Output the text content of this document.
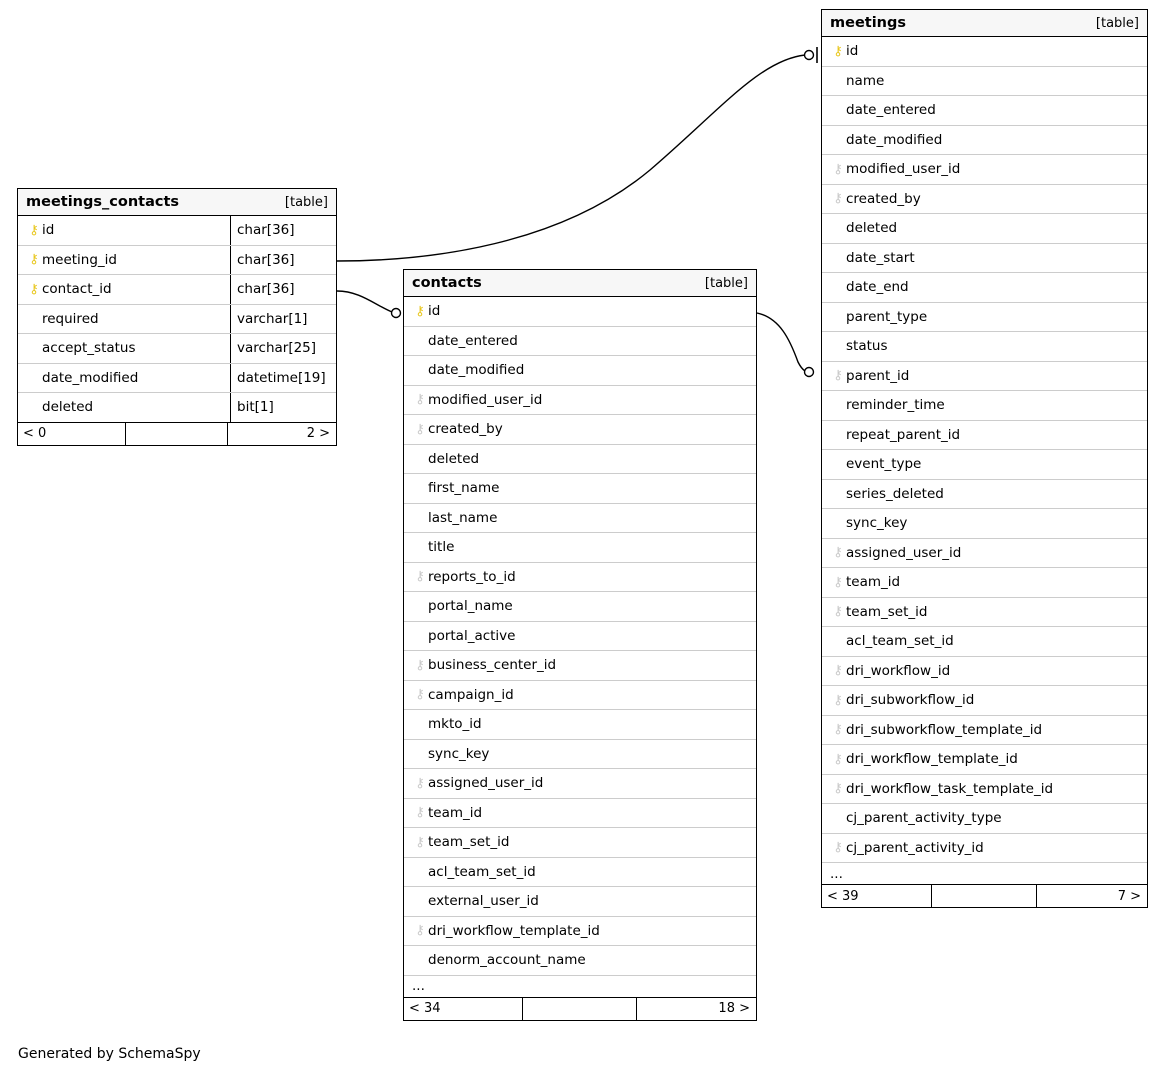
meetings_contacts	[table]
⚷ id	char[36]
⚷ meeting_id	char[36]
⚷ contact_id	char[36]
required	varchar[1]
accept_status	varchar[25]
date_modified	datetime[19]
deleted	bit[1]
< 0	2 >
contacts	[table]
⚷ id
date_entered
date_modified
⚷ modified_user_id
⚷ created_by
deleted
first_name
last_name
title
⚷ reports_to_id
portal_name
portal_active
⚷ business_center_id
⚷ campaign_id
mkto_id
sync_key
⚷ assigned_user_id
⚷ team_id
⚷ team_set_id
acl_team_set_id
external_user_id
⚷ dri_workflow_template_id
denorm_account_name
...
< 34	18 >
meetings	[table]
⚷ id
name
date_entered
date_modified
⚷ modified_user_id
⚷ created_by
deleted
date_start
date_end
parent_type
status
⚷ parent_id
reminder_time
repeat_parent_id
event_type
series_deleted
sync_key
⚷ assigned_user_id
⚷ team_id
⚷ team_set_id
acl_team_set_id
⚷ dri_workflow_id
⚷ dri_subworkflow_id
⚷ dri_subworkflow_template_id
⚷ dri_workflow_template_id
⚷ dri_workflow_task_template_id
cj_parent_activity_type
⚷ cj_parent_activity_id
...
< 39	7 >
Generated by SchemaSpy
